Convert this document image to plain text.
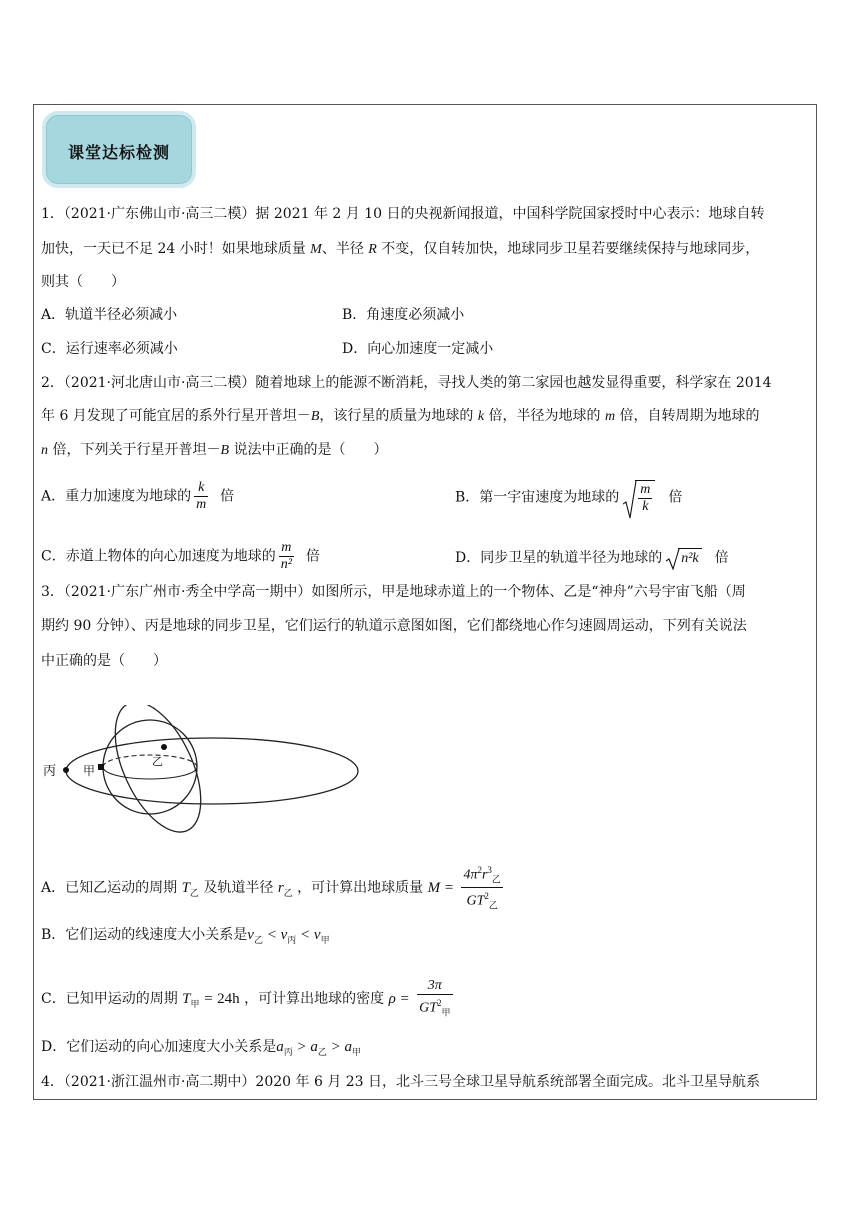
课堂达标检测
1．（2021·广东佛山市·高三二模）据 2021 年 2 月 10 日的央视新闻报道，中国科学院国家授时中心表示：地球自转
加快，一天已不足 24 小时！如果地球质量 M、半径 R 不变，仅自转加快，地球同步卫星若要继续保持与地球同步，
则其（　　）
A．轨道半径必须减小	B．角速度必须减小
C．运行速率必须减小	D．向心加速度一定减小
2．（2021·河北唐山市·高三二模）随着地球上的能源不断消耗，寻找人类的第二家园也越发显得重要，科学家在 2014
年 6 月发现了可能宜居的系外行星开普坦－B，该行星的质量为地球的 k 倍，半径为地球的 m 倍，自转周期为地球的
n 倍，下列关于行星开普坦－B 说法中正确的是（　　）
A．重力加速度为地球的 $\frac{k}{m}$ 倍	B．第一宇宙速度为地球的 $\frac{m}{k}$ 倍
C．赤道上物体的向心加速度为地球的 $\frac{m}{\text{n²}}$ 倍	D．同步卫星的轨道半径为地球的 n²k 倍
3．（2021·广东广州市·秀全中学高一期中）如图所示，甲是地球赤道上的一个物体、乙是“神舟”六号宇宙飞船（周
期约 90 分钟）、丙是地球的同步卫星，它们运行的轨道示意图如图，它们都绕地心作匀速圆周运动，下列有关说法
中正确的是（　　）
丙 甲
乙
A．已知乙运动的周期 $T_乙$ 及轨道半径 $r_乙$ ，可计算出地球质量 $M = \frac{4\pi^2r^3_乙}{GT^2_乙}$
B．它们运动的线速度大小关系是$v_乙 < v_丙 < v_甲$
C．已知甲运动的周期 $T_甲 = 24h$ ，可计算出地球的密度 $\rho = \frac{3\pi}{GT^2_甲}$
D．它们运动的向心加速度大小关系是$a_丙 > a_乙 > a_甲$
4．（2021·浙江温州市·高二期中）2020 年 6 月 23 日，北斗三号全球卫星导航系统部署全面完成。北斗卫星导航系
